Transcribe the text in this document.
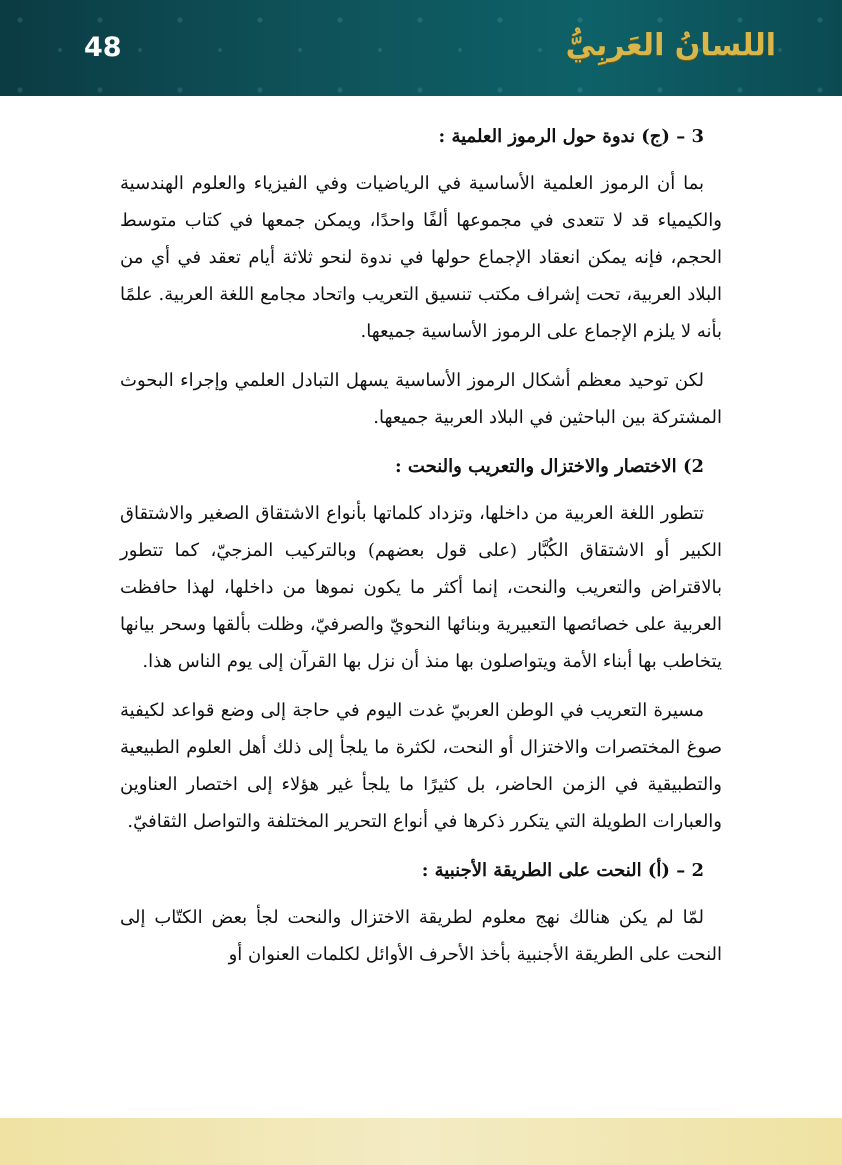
48	اللسانُ العَربِيُّ
3 – (ج) ندوة حول الرموز العلمية :

بما أن الرموز العلمية الأساسية في الرياضيات وفي الفيزياء والعلوم الهندسية والكيمياء قد لا تتعدى في مجموعها ألفًا واحدًا، ويمكن جمعها في كتاب متوسط الحجم، فإنه يمكن انعقاد الإجماع حولها في ندوة لنحو ثلاثة أيام تعقد في أي من البلاد العربية، تحت إشراف مكتب تنسيق التعريب واتحاد مجامع اللغة العربية. علمًا بأنه لا يلزم الإجماع على الرموز الأساسية جميعها.

لكن توحيد معظم أشكال الرموز الأساسية يسهل التبادل العلمي وإجراء البحوث المشتركة بين الباحثين في البلاد العربية جميعها.

2) الاختصار والاختزال والتعريب والنحت :

تتطور اللغة العربية من داخلها، وتزداد كلماتها بأنواع الاشتقاق الصغير والاشتقاق الكبير أو الاشتقاق الكُبَّار (على قول بعضهم) وبالتركيب المزجيّ، كما تتطور بالاقتراض والتعريب والنحت، إنما أكثر ما يكون نموها من داخلها، لهذا حافظت العربية على خصائصها التعبيرية وبنائها النحويّ والصرفيّ، وظلت بألقها وسحر بيانها يتخاطب بها أبناء الأمة ويتواصلون بها منذ أن نزل بها القرآن إلى يوم الناس هذا.

مسيرة التعريب في الوطن العربيّ غدت اليوم في حاجة إلى وضع قواعد لكيفية صوغ المختصرات والاختزال أو النحت، لكثرة ما يلجأ إلى ذلك أهل العلوم الطبيعية والتطبيقية في الزمن الحاضر، بل كثيرًا ما يلجأ غير هؤلاء إلى اختصار العناوين والعبارات الطويلة التي يتكرر ذكرها في أنواع التحرير المختلفة والتواصل الثقافيّ.

2 – (أ) النحت على الطريقة الأجنبية :

لمّا لم يكن هنالك نهج معلوم لطريقة الاختزال والنحت لجأ بعض الكتّاب إلى النحت على الطريقة الأجنبية بأخذ الأحرف الأوائل لكلمات العنوان أو
